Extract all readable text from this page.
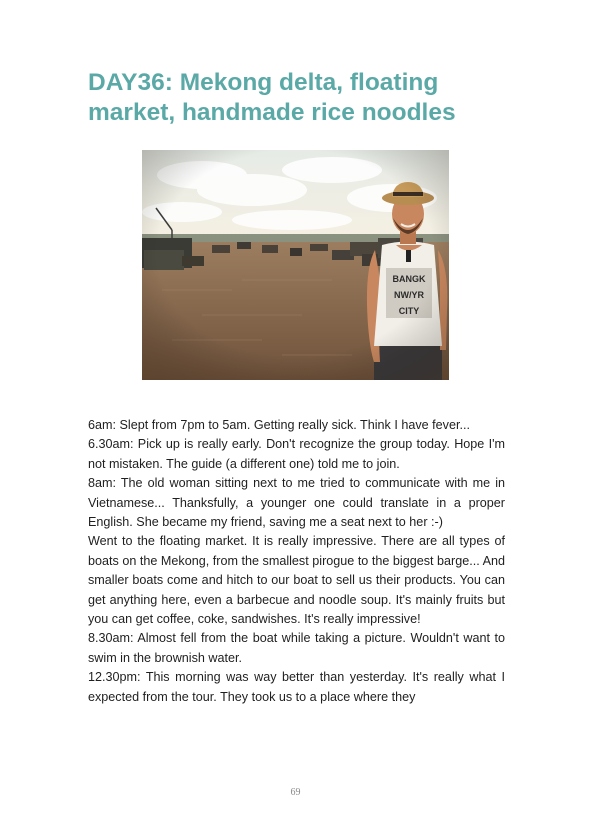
DAY36: Mekong delta, floating market, handmade rice noodles

6am: Slept from 7pm to 5am. Getting really sick. Think I have fever...

6.30am: Pick up is really early. Don't recognize the group today. Hope I'm not mistaken. The guide (a different one) told me to join.

8am: The old woman sitting next to me tried to communicate with me in Vietnamese... Thanksfully, a younger one could translate in a proper English. She became my friend, saving me a seat next to her :-)

Went to the floating market. It is really impressive. There are all types of boats on the Mekong, from the smallest pirogue to the biggest barge... And smaller boats come and hitch to our boat to sell us their products. You can get anything here, even a barbecue and noodle soup. It's mainly fruits but you can get coffee, coke, sandwishes. It's really impressive!

8.30am: Almost fell from the boat while taking a picture. Wouldn't want to swim in the brownish water.

12.30pm: This morning was way better than yesterday. It's really what I expected from the tour. They took us to a place where they

69
